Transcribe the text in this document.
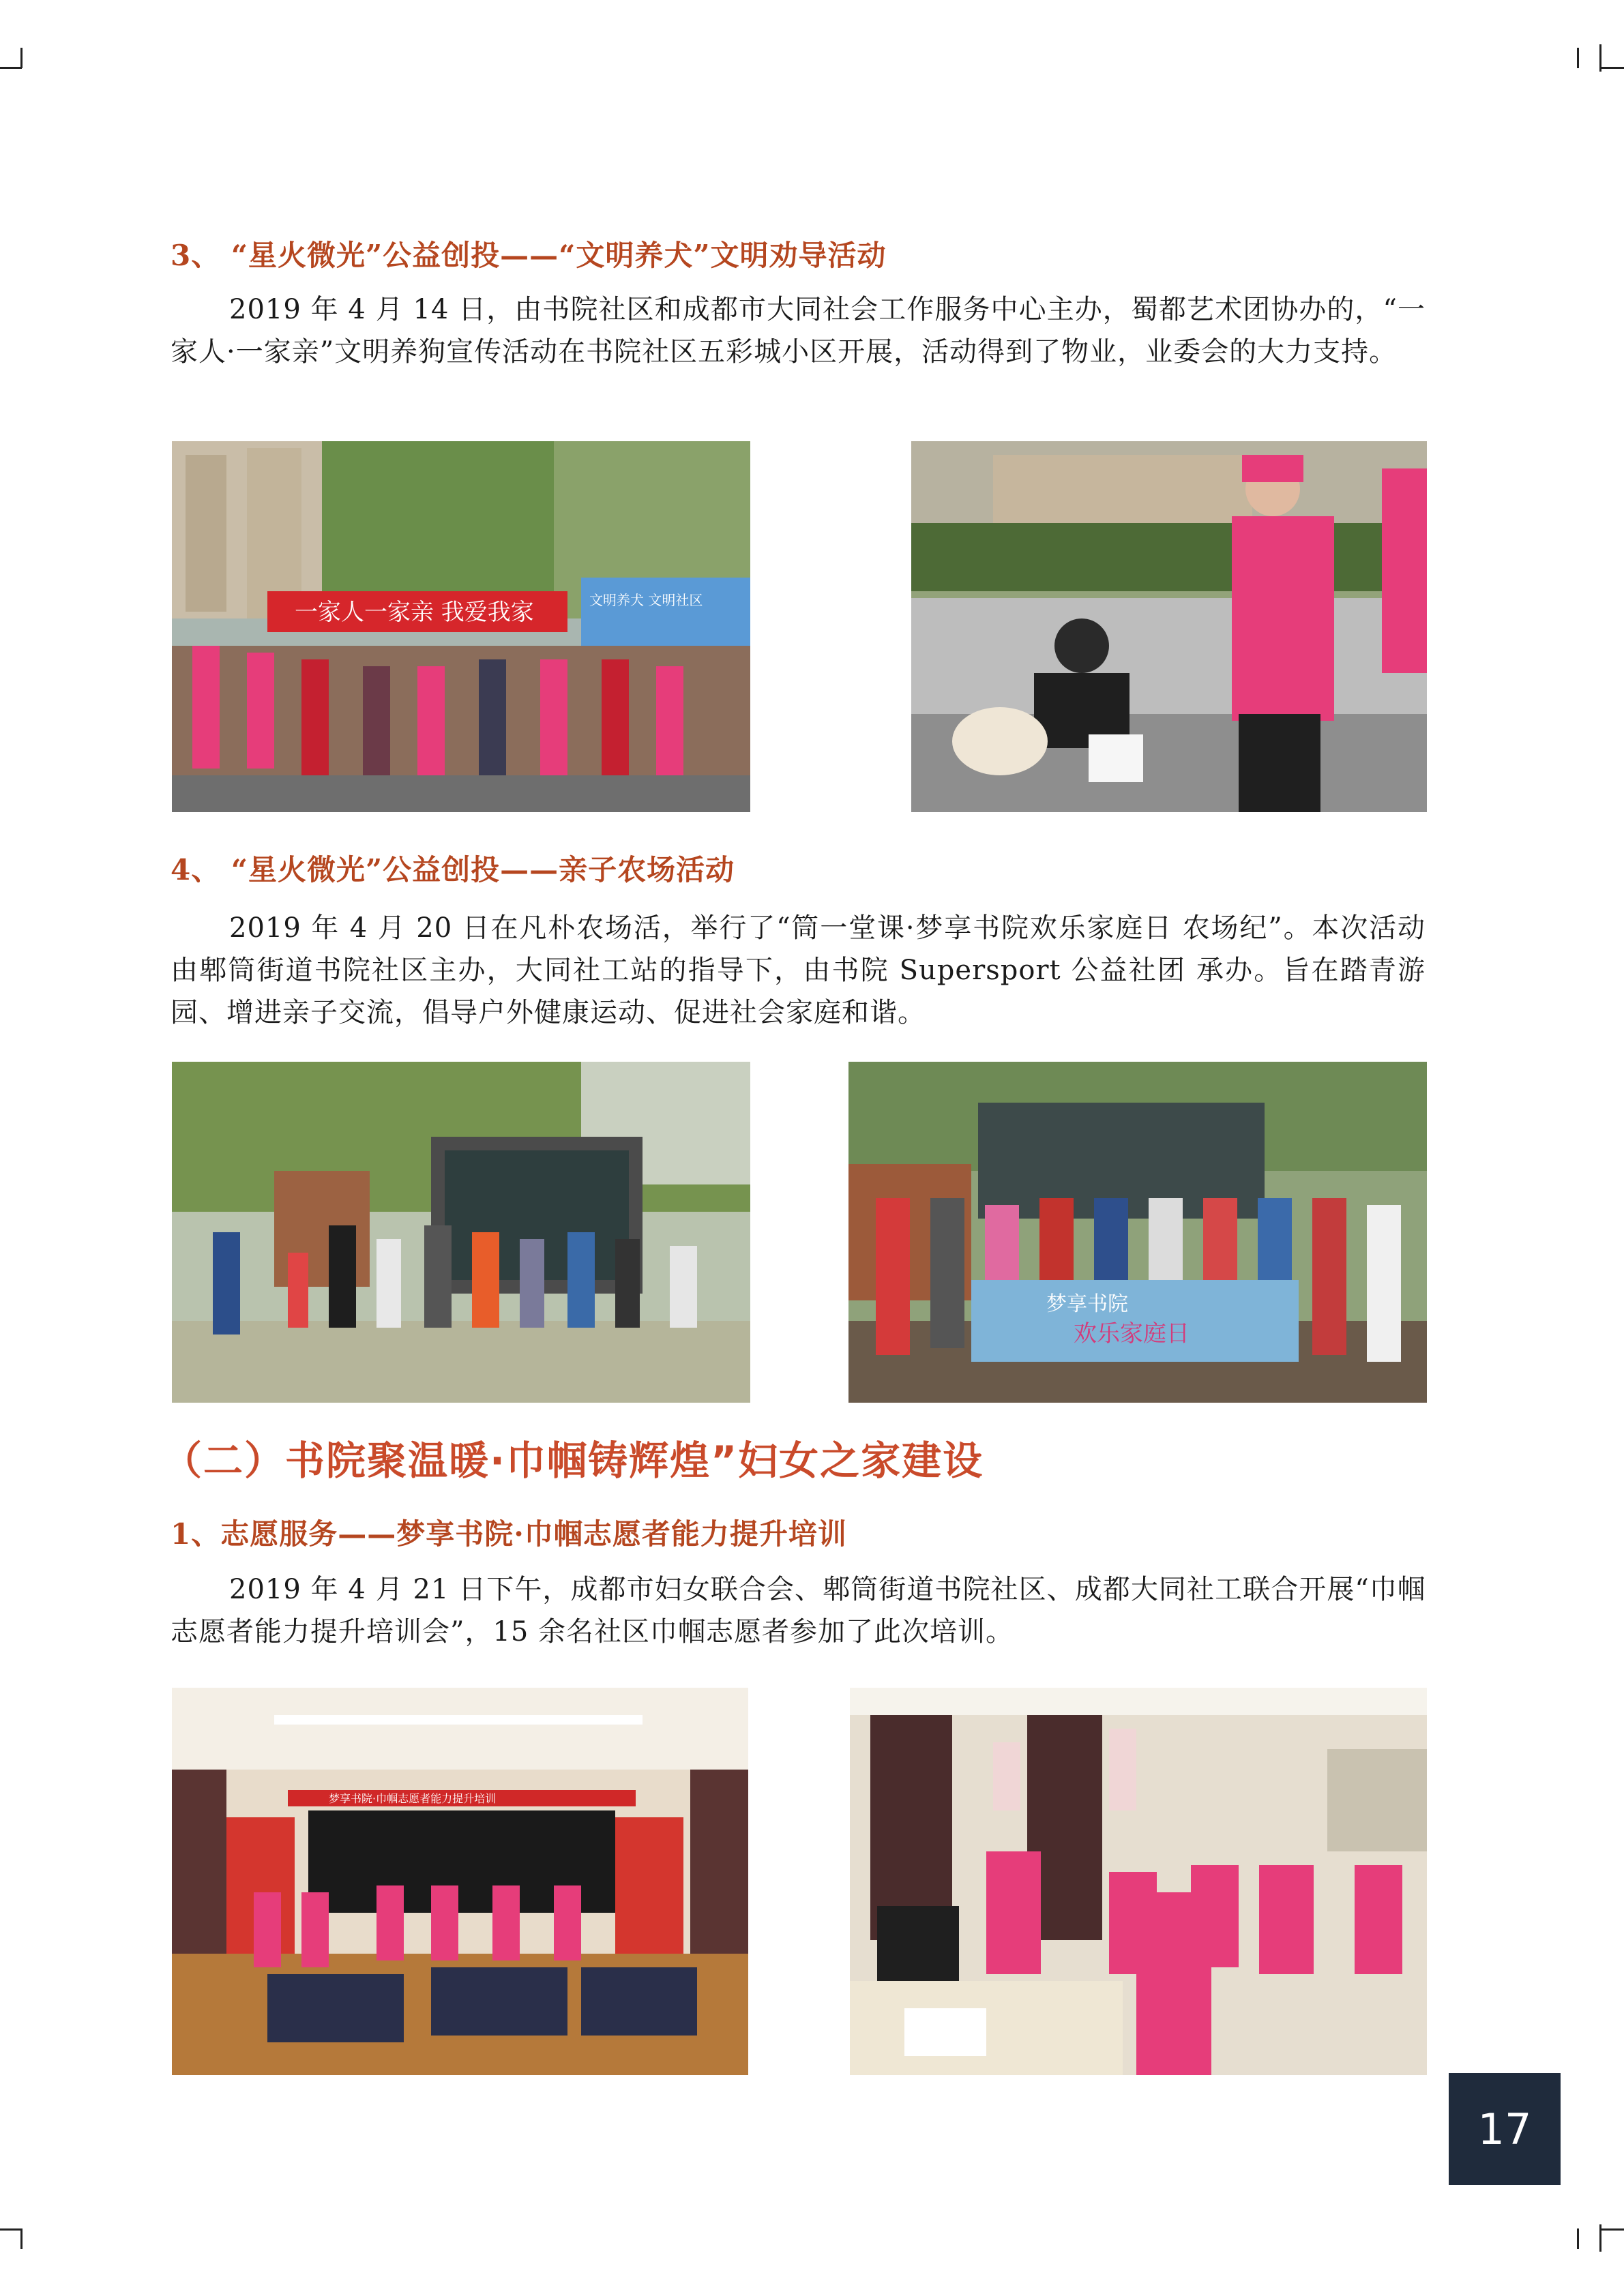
3、 “星火微光”公益创投——“文明养犬”文明劝导活动

2019 年 4 月 14 日，由书院社区和成都市大同社会工作服务中心主办，蜀都艺术团协办的，“一家人·一家亲”文明养狗宣传活动在书院社区五彩城小区开展，活动得到了物业，业委会的大力支持。

一家人一家亲 我爱我家	文明养犬 文明社区
4、 “星火微光”公益创投——亲子农场活动

2019 年 4 月 20 日在凡朴农场活，举行了“筒一堂课·梦享书院欢乐家庭日 农场纪”。本次活动由郫筒街道书院社区主办，大同社工站的指导下，由书院 Supersport 公益社团 承办。旨在踏青游园、增进亲子交流，倡导户外健康运动、促进社会家庭和谐。

梦享书院
欢乐家庭日
（二）书院聚温暖·巾帼铸辉煌”妇女之家建设
1、志愿服务——梦享书院·巾帼志愿者能力提升培训

2019 年 4 月 21 日下午，成都市妇女联合会、郫筒街道书院社区、成都大同社工联合开展“巾帼志愿者能力提升培训会”，15 余名社区巾帼志愿者参加了此次培训。

梦享书院·巾帼志愿者能力提升培训
17
